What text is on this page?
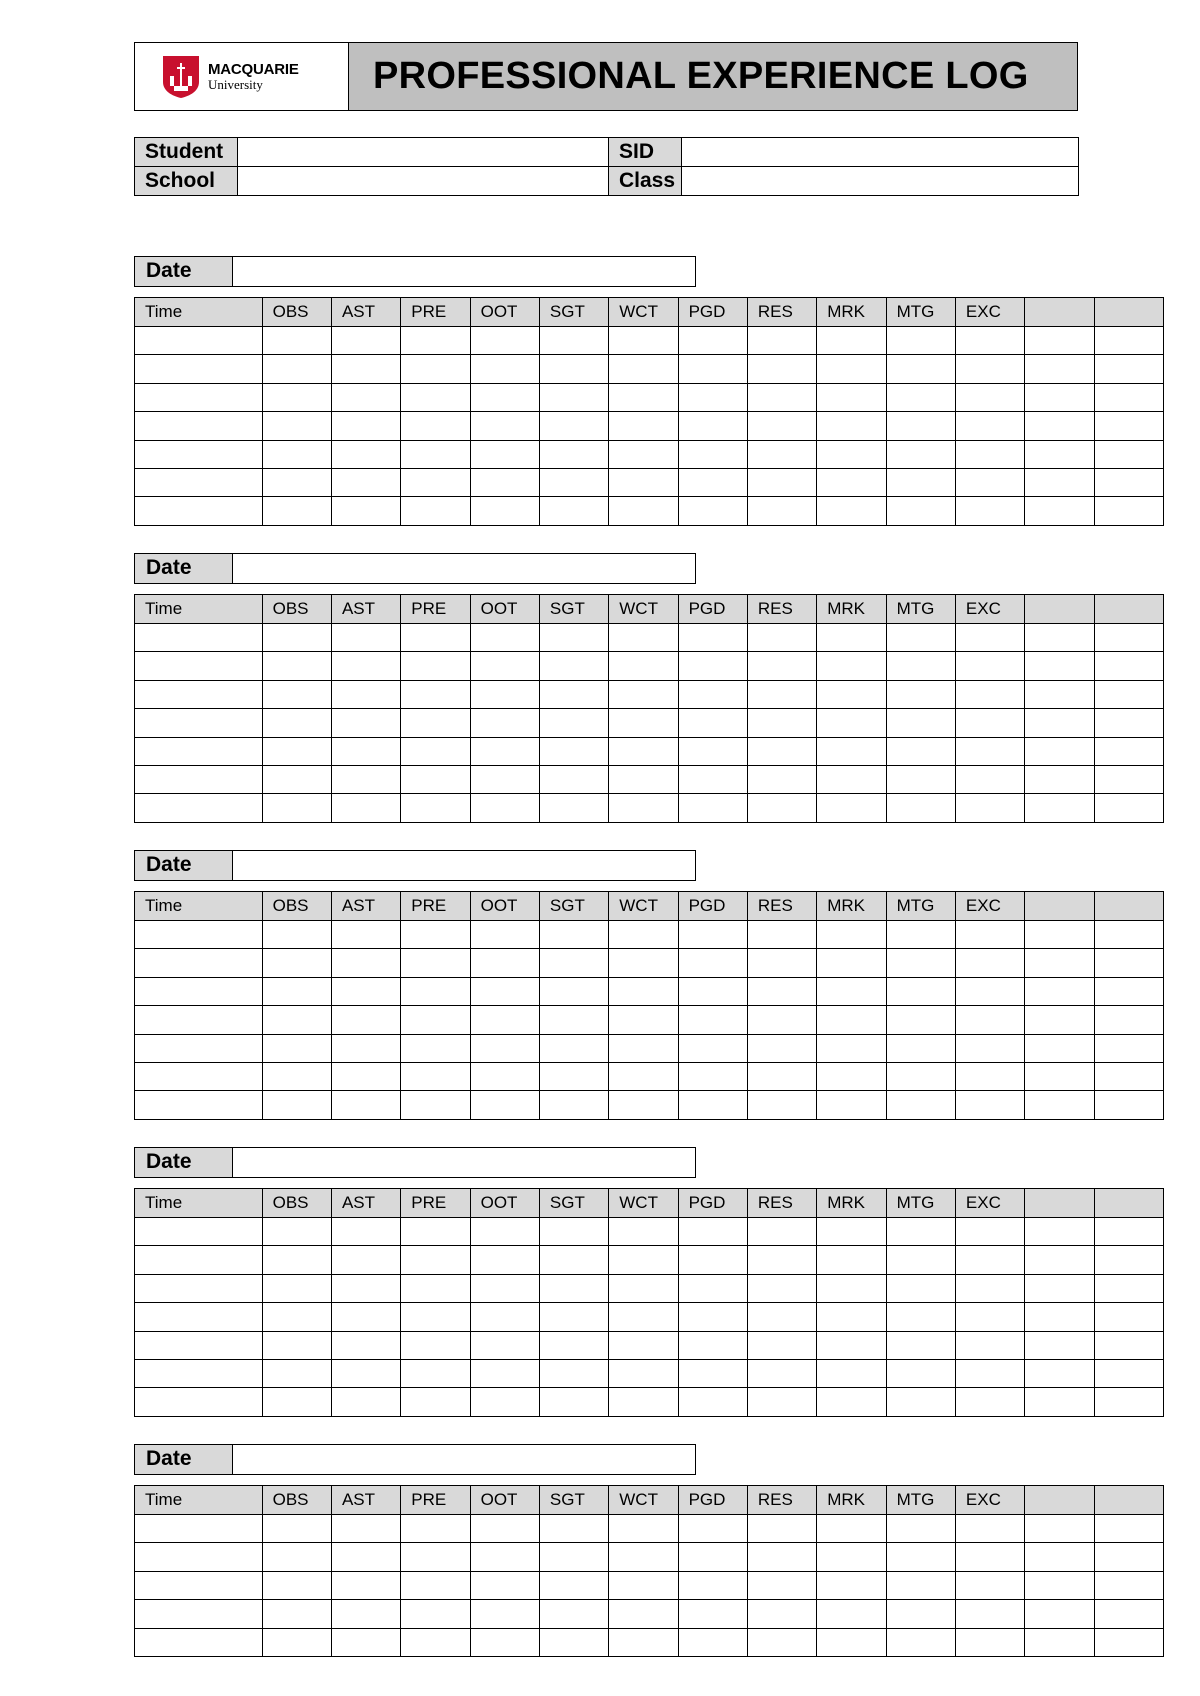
MACQUARIE
University	PROFESSIONAL EXPERIENCE LOG
Student		SID	
School		Class	
Date
Time	OBS	AST	PRE	OOT	SGT	WCT	PGD	RES	MRK	MTG	EXC		

Date
Time	OBS	AST	PRE	OOT	SGT	WCT	PGD	RES	MRK	MTG	EXC		

Date
Time	OBS	AST	PRE	OOT	SGT	WCT	PGD	RES	MRK	MTG	EXC		

Date
Time	OBS	AST	PRE	OOT	SGT	WCT	PGD	RES	MRK	MTG	EXC		

Date
Time	OBS	AST	PRE	OOT	SGT	WCT	PGD	RES	MRK	MTG	EXC		
